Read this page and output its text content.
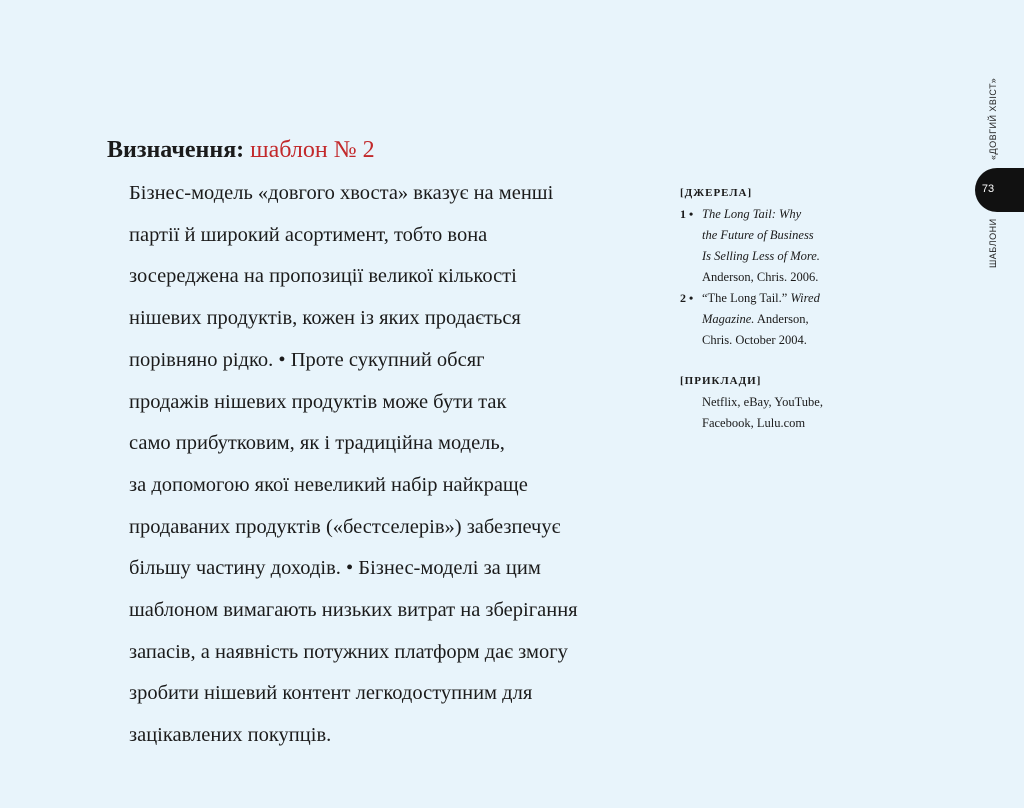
Визначення: шаблон № 2
Бізнес-модель «довгого хвоста» вказує на менші
партії й широкий асортимент, тобто вона
зосереджена на пропозиції великої кількості
нішевих продуктів, кожен із яких продається
порівняно рідко. • Проте сукупний обсяг
продажів нішевих продуктів може бути так
само прибутковим, як і традиційна модель,
за допомогою якої невеликий набір найкраще
продаваних продуктів («бестселерів») забезпечує
більшу частину доходів. • Бізнес-моделі за цим
шаблоном вимагають низьких витрат на зберігання
запасів, а наявність потужних платформ дає змогу
зробити нішевий контент легкодоступним для
зацікавлених покупців.
[ДЖЕРЕЛА]
1 • The Long Tail: Why
the Future of Business
Is Selling Less of More.
Anderson, Chris. 2006.
2 • “The Long Tail.” Wired
Magazine. Anderson,
Chris. October 2004.
[ПРИКЛАДИ]
Netflix, eBay, YouTube,
Facebook, Lulu.com
73
«ДОВГИЙ ХВІСТ»
ШАБЛОНИ
